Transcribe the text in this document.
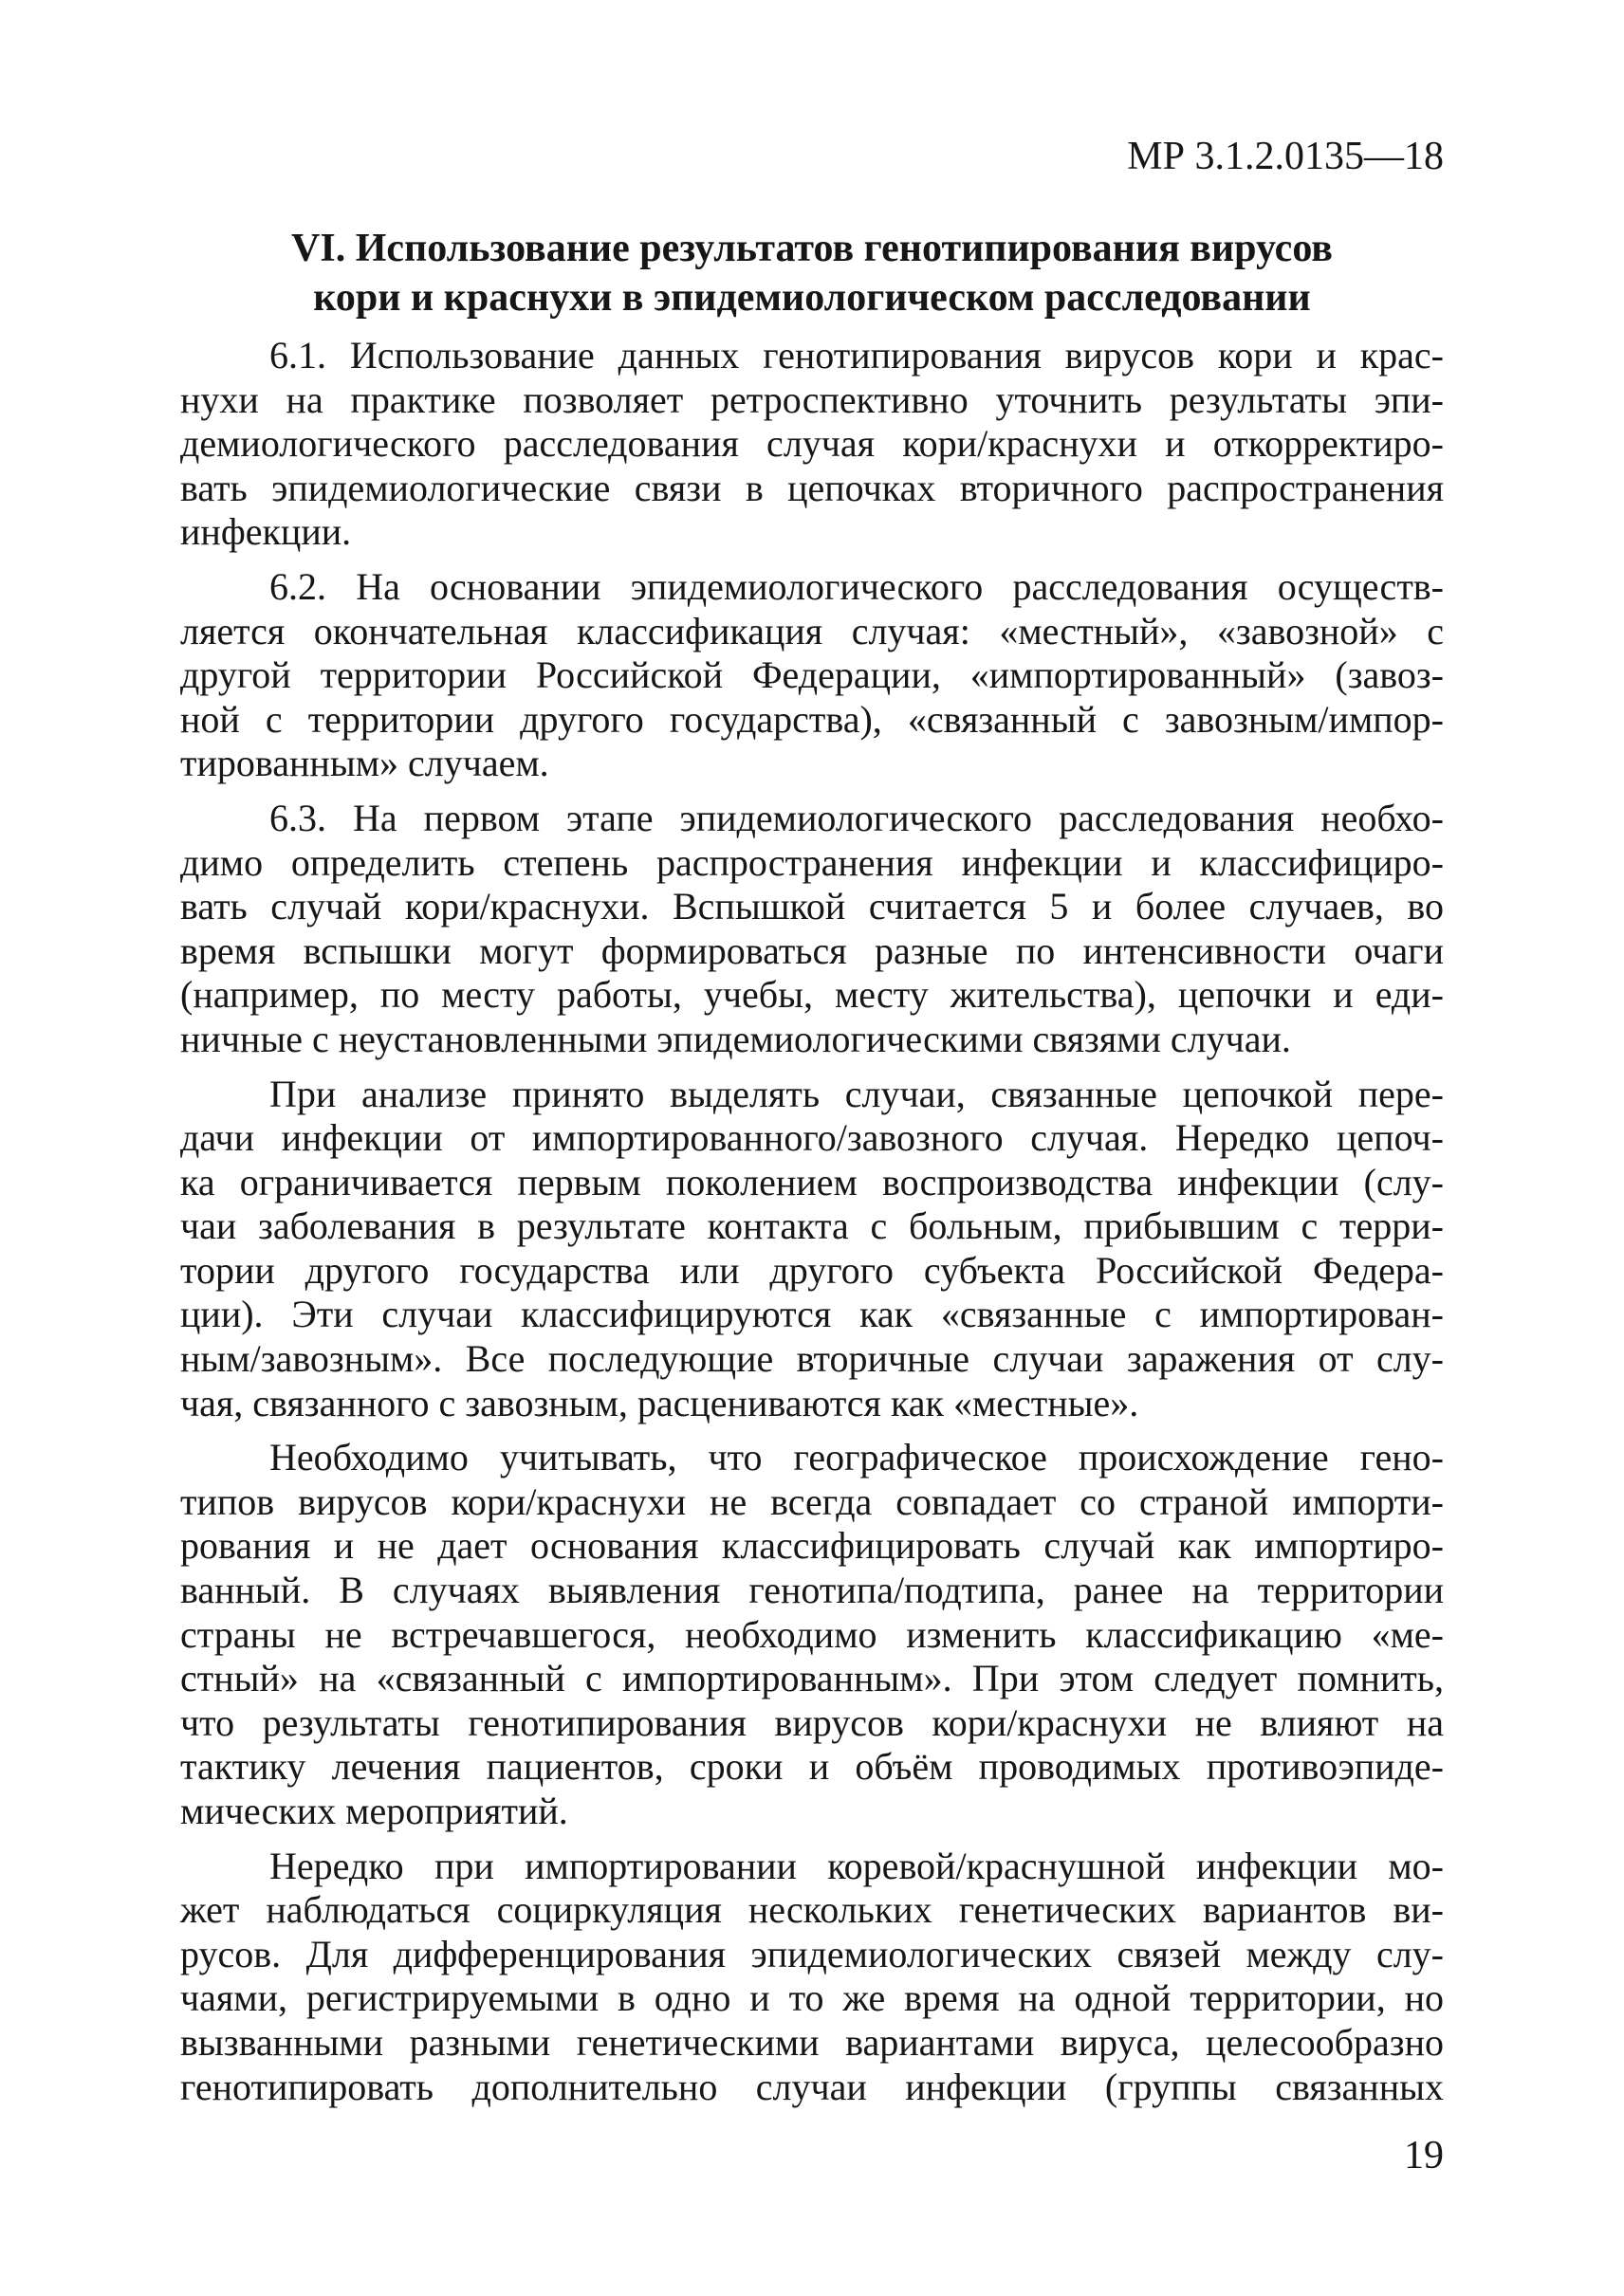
МР 3.1.2.0135—18
VI. Использование результатов генотипирования вирусов
кори и краснухи в эпидемиологическом расследовании

6.1. Использование данных генотипирования вирусов кори и крас-
нухи на практике позволяет ретроспективно уточнить результаты эпи-
демиологического расследования случая кори/краснухи и откорректиро-
вать эпидемиологические связи в цепочках вторичного распространения
инфекции.

6.2. На основании эпидемиологического расследования осуществ-
ляется окончательная классификация случая: «местный», «завозной» с
другой территории Российской Федерации, «импортированный» (завоз-
ной с территории другого государства), «связанный с завозным/импор-
тированным» случаем.

6.3. На первом этапе эпидемиологического расследования необхо-
димо определить степень распространения инфекции и классифициро-
вать случай кори/краснухи. Вспышкой считается 5 и более случаев, во
время вспышки могут формироваться разные по интенсивности очаги
(например, по месту работы, учебы, месту жительства), цепочки и еди-
ничные с неустановленными эпидемиологическими связями случаи.

При анализе принято выделять случаи, связанные цепочкой пере-
дачи инфекции от импортированного/завозного случая. Нередко цепоч-
ка ограничивается первым поколением воспроизводства инфекции (слу-
чаи заболевания в результате контакта с больным, прибывшим с терри-
тории другого государства или другого субъекта Российской Федера-
ции). Эти случаи классифицируются как «связанные с импортирован-
ным/завозным». Все последующие вторичные случаи заражения от слу-
чая, связанного с завозным, расцениваются как «местные».

Необходимо учитывать, что географическое происхождение гено-
типов вирусов кори/краснухи не всегда совпадает со страной импорти-
рования и не дает основания классифицировать случай как импортиро-
ванный. В случаях выявления генотипа/подтипа, ранее на территории
страны не встречавшегося, необходимо изменить классификацию «ме-
стный» на «связанный с импортированным». При этом следует помнить,
что результаты генотипирования вирусов кори/краснухи не влияют на
тактику лечения пациентов, сроки и объём проводимых противоэпиде-
мических мероприятий.

Нередко при импортировании коревой/краснушной инфекции мо-
жет наблюдаться социркуляция нескольких генетических вариантов ви-
русов. Для дифференцирования эпидемиологических связей между слу-
чаями, регистрируемыми в одно и то же время на одной территории, но
вызванными разными генетическими вариантами вируса, целесообразно
генотипировать дополнительно случаи инфекции (группы связанных

19
